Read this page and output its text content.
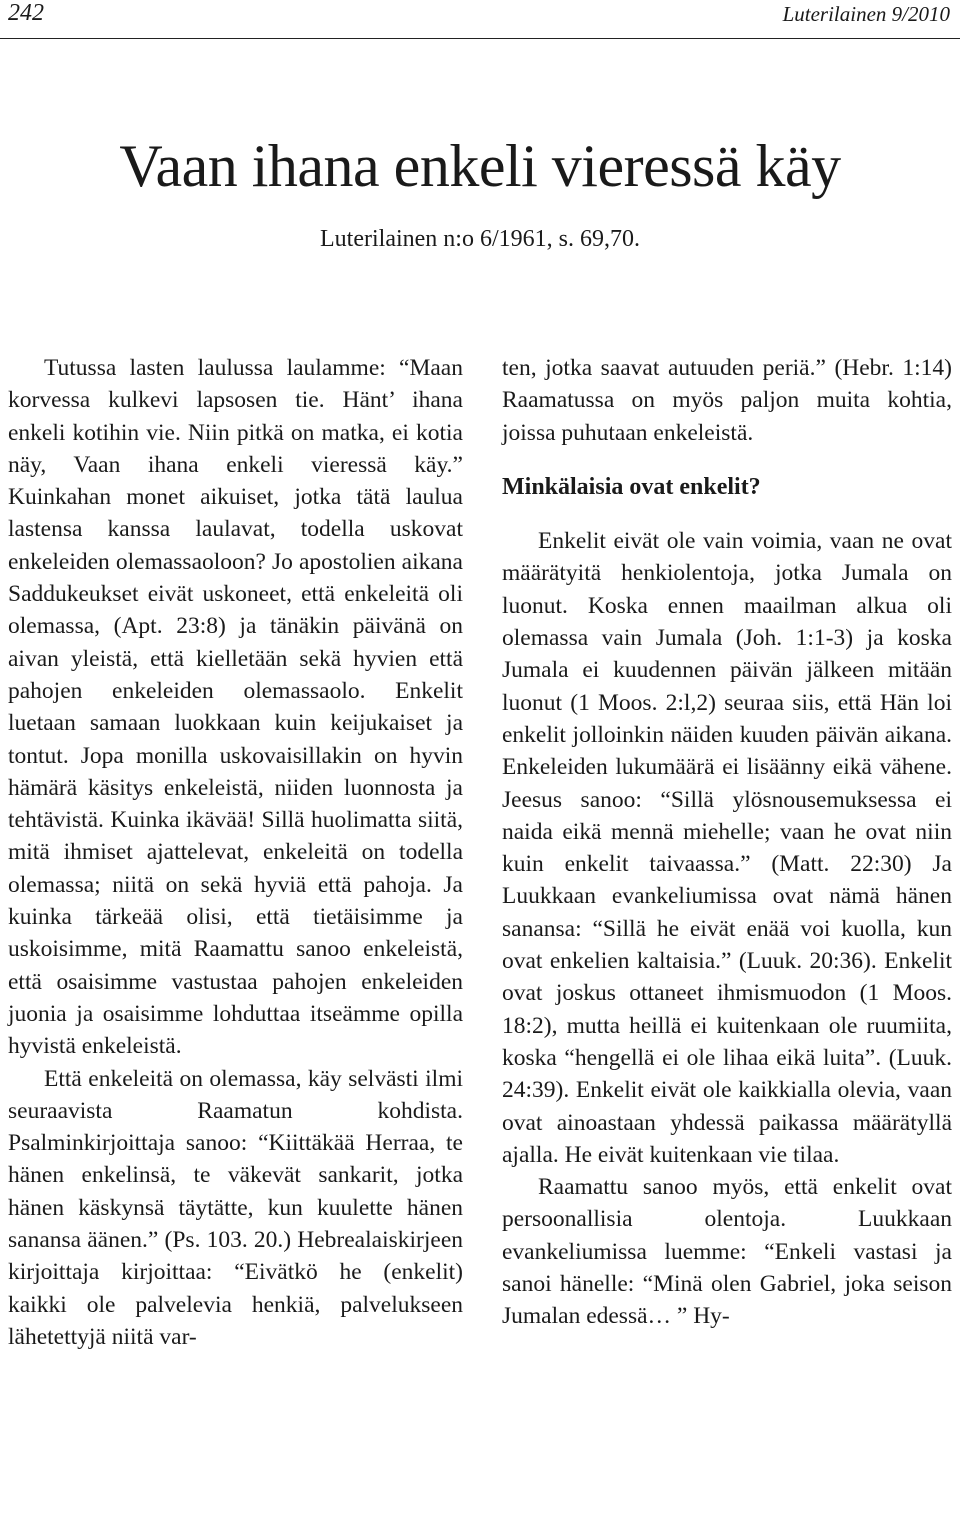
242	Luterilainen 9/2010
Vaan ihana enkeli vieressä käy
Luterilainen n:o 6/1961, s. 69,70.

Tutussa lasten laulussa laulamme: “Maan korvessa kulkevi lapsosen tie. Hänt’ ihana enkeli kotihin vie. Niin pitkä on matka, ei kotia näy, Vaan ihana enkeli vieressä käy.” Kuinkahan monet aikuiset, jotka tätä laulua lastensa kanssa laulavat, todella uskovat enkeleiden olemassaoloon? Jo apostolien aikana Saddukeukset eivät uskoneet, että enkeleitä oli olemassa, (Apt. 23:8) ja tänäkin päivänä on aivan yleistä, että kielletään sekä hyvien että pahojen enkeleiden olemassaolo. Enkelit luetaan samaan luokkaan kuin keijukaiset ja tontut. Jopa monilla uskovaisillakin on hyvin hämärä käsitys enkeleistä, niiden luonnosta ja tehtävistä. Kuinka ikävää! Sillä huolimatta siitä, mitä ihmiset ajattelevat, enkeleitä on todella olemassa; niitä on sekä hyviä että pahoja. Ja kuinka tärkeää olisi, että tietäisimme ja uskoisimme, mitä Raamattu sanoo enkeleistä, että osaisimme vastustaa pahojen enkeleiden juonia ja osaisimme lohduttaa itseämme opilla hyvistä enkeleistä.

Että enkeleitä on olemassa, käy selvästi ilmi seuraavista Raamatun kohdista. Psalminkirjoittaja sanoo: “Kiittäkää Herraa, te hänen enkelinsä, te väkevät sankarit, jotka hänen käskynsä täytätte, kun kuulette hänen sanansa äänen.” (Ps. 103. 20.) Hebrealaiskirjeen kirjoittaja kirjoittaa: “Eivätkö he (enkelit) kaikki ole palvelevia henkiä, palvelukseen lähetettyjä niitä var-

ten, jotka saavat autuuden periä.” (Hebr. 1:14) Raamatussa on myös paljon muita kohtia, joissa puhutaan enkeleistä.

Minkälaisia ovat enkelit?

Enkelit eivät ole vain voimia, vaan ne ovat määrätyitä henkiolentoja, jotka Jumala on luonut. Koska ennen maailman alkua oli olemassa vain Jumala (Joh. 1:1-3) ja koska Jumala ei kuudennen päivän jälkeen mitään luonut (1 Moos. 2:l,2) seuraa siis, että Hän loi enkelit jolloinkin näiden kuuden päivän aikana. Enkeleiden lukumäärä ei lisäänny eikä vähene. Jeesus sanoo: “Sillä ylösnousemuksessa ei naida eikä mennä miehelle; vaan he ovat niin kuin enkelit taivaassa.” (Matt. 22:30) Ja Luukkaan evankeliumissa ovat nämä hänen sanansa: “Sillä he eivät enää voi kuolla, kun ovat enkelien kaltaisia.” (Luuk. 20:36). Enkelit ovat joskus ottaneet ihmismuodon (1 Moos. 18:2), mutta heillä ei kuitenkaan ole ruumiita, koska “hengellä ei ole lihaa eikä luita”. (Luuk. 24:39). Enkelit eivät ole kaikkialla olevia, vaan ovat ainoastaan yhdessä paikassa määrätyllä ajalla. He eivät kuitenkaan vie tilaa.

Raamattu sanoo myös, että enkelit ovat persoonallisia olentoja. Luukkaan evankeliumissa luemme: “Enkeli vastasi ja sanoi hänelle: “Minä olen Gabriel, joka seison Jumalan edessä… ” Hy-
